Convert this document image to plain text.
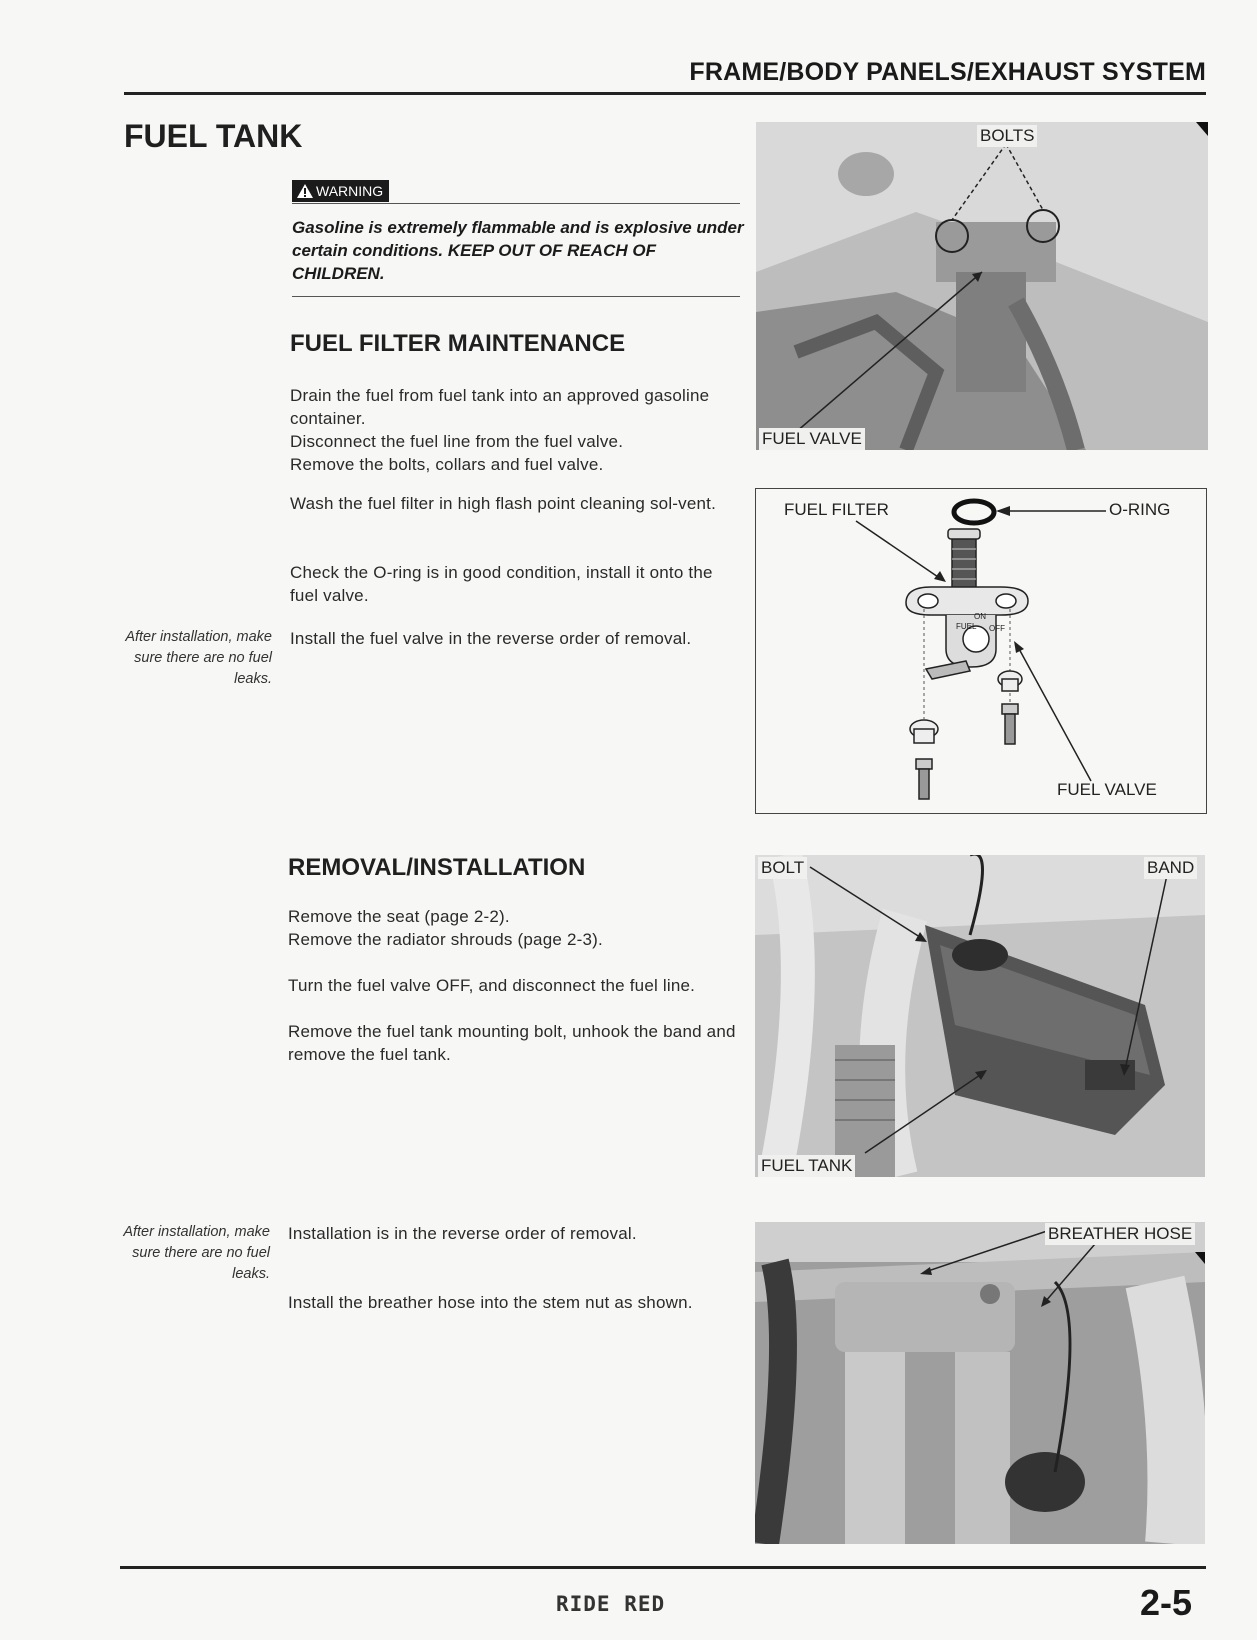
FRAME/BODY PANELS/EXHAUST SYSTEM
FUEL TANK
WARNING
Gasoline is extremely flammable and is explosive under certain conditions. KEEP OUT OF REACH OF CHILDREN.
FUEL FILTER MAINTENANCE
Drain the fuel from fuel tank into an approved gasoline container.
Disconnect the fuel line from the fuel valve.
Remove the bolts, collars and fuel valve.
Wash the fuel filter in high flash point cleaning sol-vent.
Check the O-ring is in good condition, install it onto the fuel valve.
Install the fuel valve in the reverse order of removal.
After installation, make sure there are no fuel leaks.
BOLTS
FUEL VALVE
FUEL
ON
OFF
FUEL FILTER	O-RING
FUEL VALVE
REMOVAL/INSTALLATION
Remove the seat (page 2-2).
Remove the radiator shrouds (page 2-3).
Turn the fuel valve OFF, and disconnect the fuel line.
Remove the fuel tank mounting bolt, unhook the band and remove the fuel tank.
Installation is in the reverse order of removal.
Install the breather hose into the stem nut as shown.
After installation, make sure there are no fuel leaks.
BOLT	BAND
FUEL TANK
BREATHER HOSE
RIDE RED	2-5
